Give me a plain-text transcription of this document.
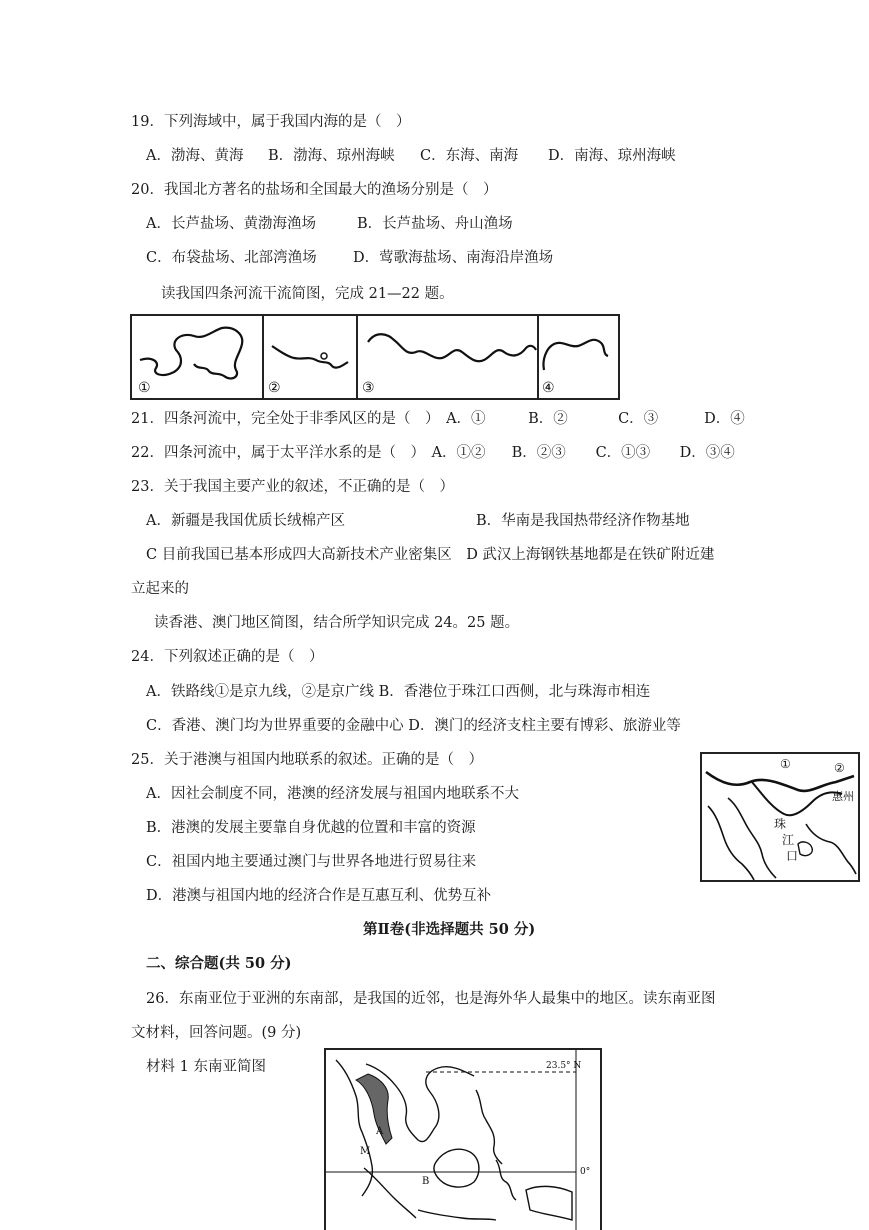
19．下列海域中，属于我国内海的是（　）
A．渤海、黄海 B．渤海、琼州海峡 C．东海、南海 D．南海、琼州海峡
20．我国北方著名的盐场和全国最大的渔场分别是（　）
A．长芦盐场、黄渤海渔场	B．长芦盐场、舟山渔场
C．布袋盐场、北部湾渔场	D．莺歌海盐场、南海沿岸渔场
读我国四条河流干流简图，完成 21—22 题。
①	②	③	④
21．四条河流中，完全处于非季风区的是（　） A．①	B．②	C．③	D．④
22．四条河流中，属于太平洋水系的是（　） A．①② B．②③ C．①③ D．③④
23．关于我国主要产业的叙述，不正确的是（　）
A．新疆是我国优质长绒棉产区	B．华南是我国热带经济作物基地
C 目前我国已基本形成四大高新技术产业密集区　D 武汉上海钢铁基地都是在铁矿附近建
立起来的
读香港、澳门地区简图，结合所学知识完成 24。25 题。
24．下列叙述正确的是（　）
A．铁路线①是京九线，②是京广线 B．香港位于珠江口西侧，北与珠海市相连
C．香港、澳门均为世界重要的金融中心 D．澳门的经济支柱主要有博彩、旅游业等
25．关于港澳与祖国内地联系的叙述。正确的是（　）
A．因社会制度不同，港澳的经济发展与祖国内地联系不大
B．港澳的发展主要靠自身优越的位置和丰富的资源
C．祖国内地主要通过澳门与世界各地进行贸易往来
D．港澳与祖国内地的经济合作是互惠互利、优势互补
①	②
惠州
珠
江
口
第Ⅱ卷(非选择题共 50 分)
二、综合题(共 50 分)
26．东南亚位于亚洲的东南部，是我国的近邻，也是海外华人最集中的地区。读东南亚图
文材料，回答问题。(9 分)
材料 1 东南亚简图	23.5° N
0°
A
B
M
